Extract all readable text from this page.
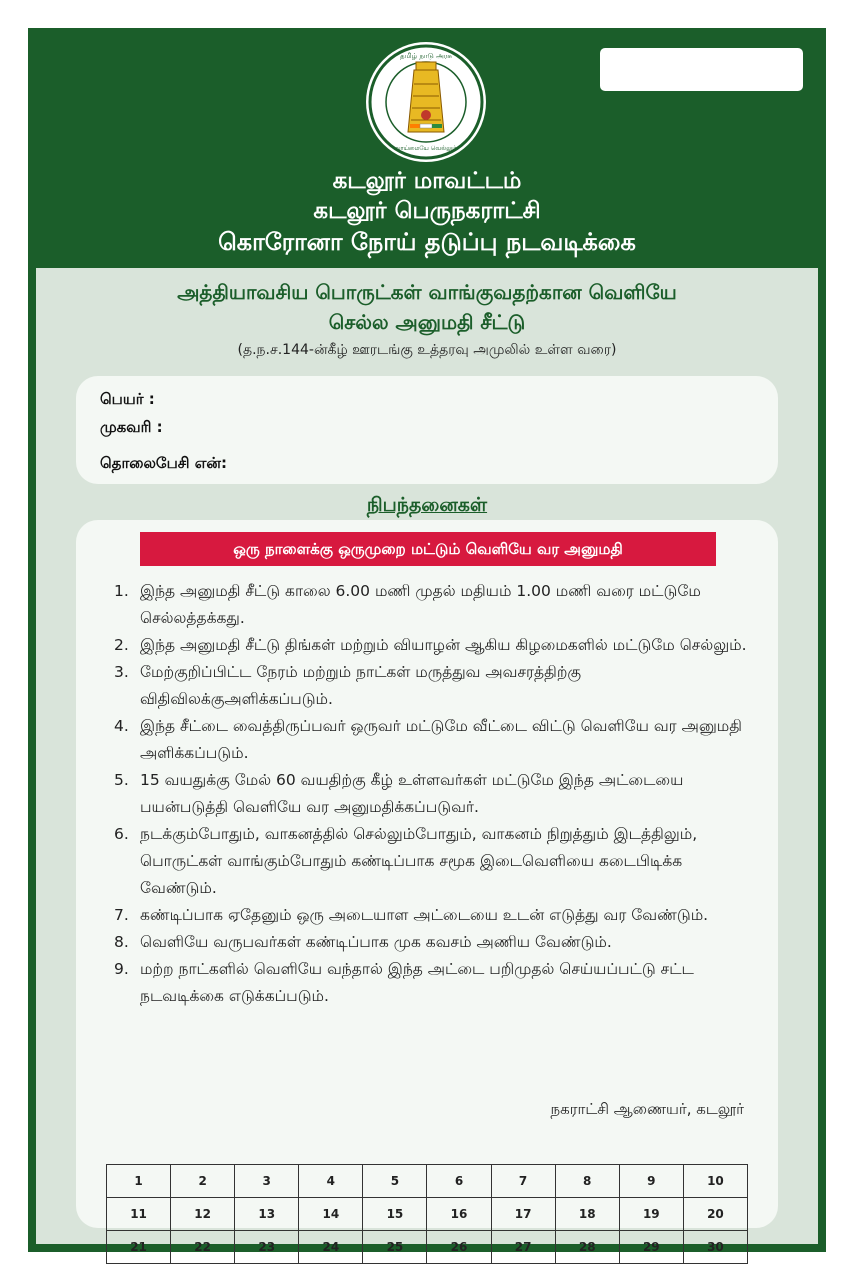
தமிழ் நாடு அரசு
வாய்மையே வெல்லும்
கடலூர் மாவட்டம்
கடலூர் பெருநகராட்சி
கொரோனா நோய் தடுப்பு நடவடிக்கை
அத்தியாவசிய பொருட்கள் வாங்குவதற்கான வெளியே
செல்ல அனுமதி சீட்டு
(த.ந.ச.144-ன்கீழ் ஊரடங்கு உத்தரவு அமுலில் உள்ள வரை)
பெயர் :
முகவரி :
தொலைபேசி என்:
நிபந்தனைகள்
ஒரு நாளைக்கு ஒருமுறை மட்டும் வெளியே வர அனுமதி
1. இந்த அனுமதி சீட்டு காலை 6.00 மணி முதல் மதியம் 1.00 மணி வரை மட்டுமே செல்லத்தக்கது.
2. இந்த அனுமதி சீட்டு திங்கள் மற்றும் வியாழன் ஆகிய கிழமைகளில் மட்டுமே செல்லும்.
3. மேற்குறிப்பிட்ட நேரம் மற்றும் நாட்கள் மருத்துவ அவசரத்திற்கு விதிவிலக்குஅளிக்கப்படும்.
4. இந்த சீட்டை வைத்திருப்பவர் ஒருவர் மட்டுமே வீட்டை விட்டு வெளியே வர அனுமதி அளிக்கப்படும்.
5. 15 வயதுக்கு மேல் 60 வயதிற்கு கீழ் உள்ளவர்கள் மட்டுமே இந்த அட்டையை பயன்படுத்தி வெளியே வர அனுமதிக்கப்படுவர்.
6. நடக்கும்போதும், வாகனத்தில் செல்லும்போதும், வாகனம் நிறுத்தும் இடத்திலும், பொருட்கள் வாங்கும்போதும் கண்டிப்பாக சமூக இடைவெளியை கடைபிடிக்க வேண்டும்.
7. கண்டிப்பாக ஏதேனும் ஒரு அடையாள அட்டையை உடன் எடுத்து வர வேண்டும்.
8. வெளியே வருபவர்கள் கண்டிப்பாக முக கவசம் அணிய வேண்டும்.
9. மற்ற நாட்களில் வெளியே வந்தால் இந்த அட்டை பறிமுதல் செய்யப்பட்டு சட்ட நடவடிக்கை எடுக்கப்படும்.
நகராட்சி ஆணையர், கடலூர்
1	2	3	4	5	6	7	8	9	10
11	12	13	14	15	16	17	18	19	20
21	22	23	24	25	26	27	28	29	30
